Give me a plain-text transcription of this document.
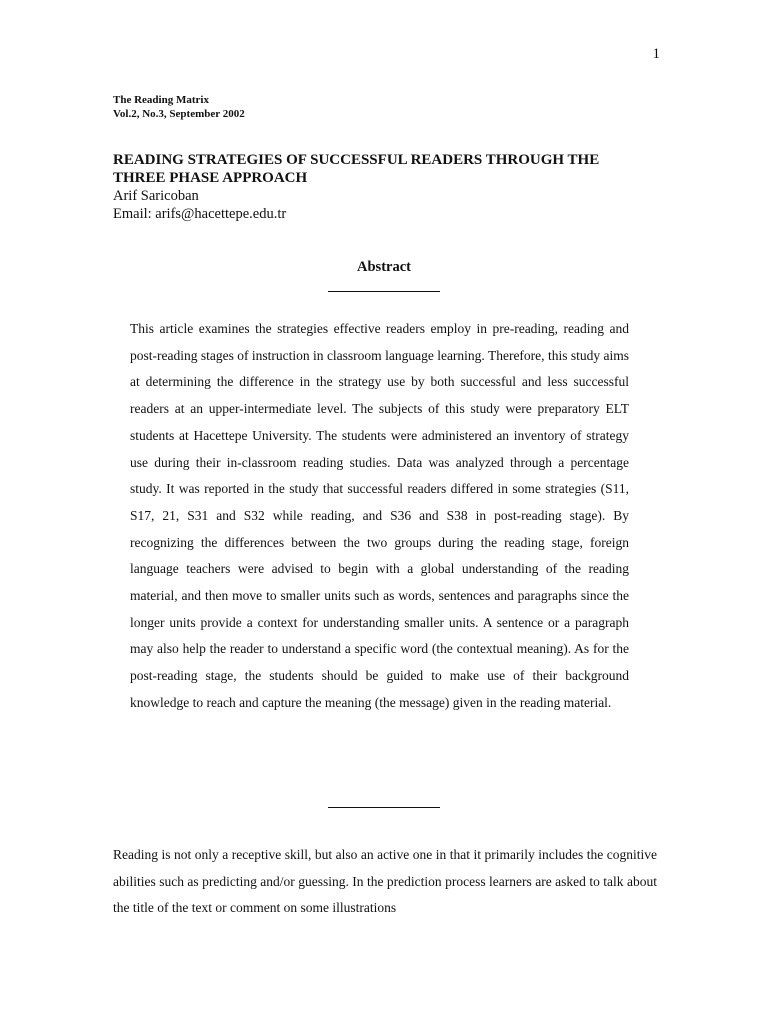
1
The Reading Matrix
Vol.2, No.3, September 2002
READING STRATEGIES OF SUCCESSFUL READERS THROUGH THE THREE PHASE APPROACH
Arif Saricoban
Email: arifs@hacettepe.edu.tr
Abstract

This article examines the strategies effective readers employ in pre-reading, reading and post-reading stages of instruction in classroom language learning. Therefore, this study aims at determining the difference in the strategy use by both successful and less successful readers at an upper-intermediate level. The subjects of this study were preparatory ELT students at Hacettepe University. The students were administered an inventory of strategy use during their in-classroom reading studies. Data was analyzed through a percentage study. It was reported in the study that successful readers differed in some strategies (S11, S17, 21, S31 and S32 while reading, and S36 and S38 in post-reading stage). By recognizing the differences between the two groups during the reading stage, foreign language teachers were advised to begin with a global understanding of the reading material, and then move to smaller units such as words, sentences and paragraphs since the longer units provide a context for understanding smaller units. A sentence or a paragraph may also help the reader to understand a specific word (the contextual meaning). As for the post-reading stage, the students should be guided to make use of their background knowledge to reach and capture the meaning (the message) given in the reading material.

Reading is not only a receptive skill, but also an active one in that it primarily includes the cognitive abilities such as predicting and/or guessing. In the prediction process learners are asked to talk about the title of the text or comment on some illustrations
